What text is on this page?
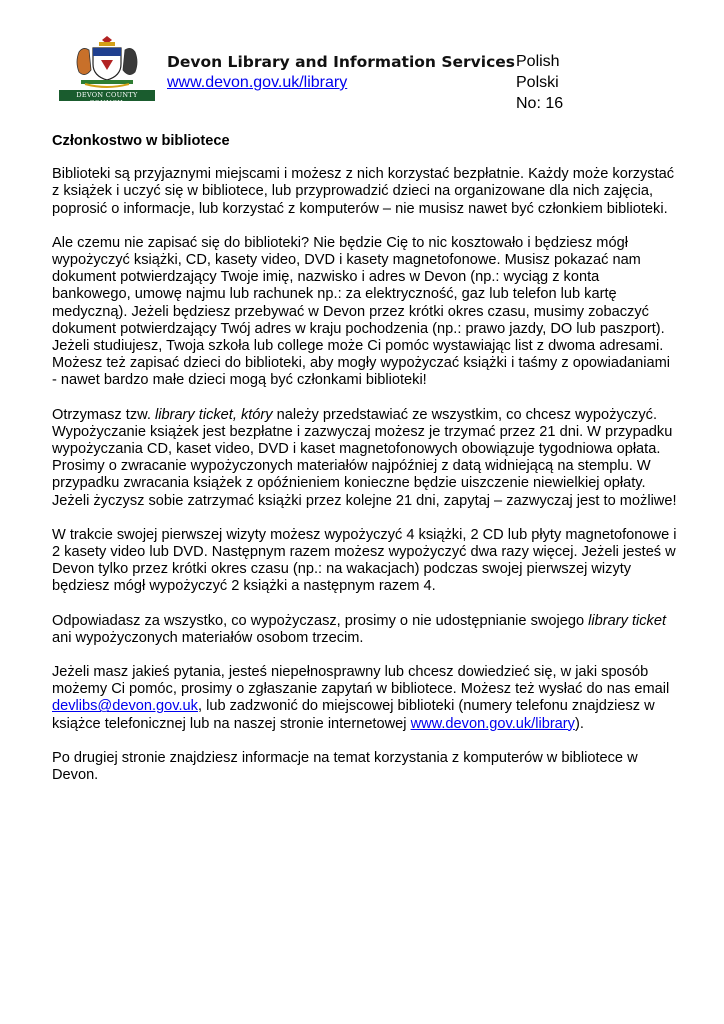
DEVON COUNTY COUNCIL
Devon Library and Information Services
www.devon.gov.uk/library
Polish
Polski
No: 16
Członkostwo w bibliotece

Biblioteki są przyjaznymi miejscami i możesz z nich korzystać bezpłatnie. Każdy może korzystać z książek i uczyć się w bibliotece, lub przyprowadzić dzieci na organizowane dla nich zajęcia, poprosić o informacje, lub korzystać z komputerów – nie musisz nawet być członkiem biblioteki.

Ale czemu nie zapisać się do biblioteki? Nie będzie Cię to nic kosztowało i będziesz mógł wypożyczyć książki, CD, kasety video, DVD i kasety magnetofonowe. Musisz pokazać nam dokument potwierdzający Twoje imię, nazwisko i adres w Devon (np.: wyciąg z konta bankowego, umowę najmu lub rachunek np.: za elektryczność, gaz lub telefon lub kartę medyczną). Jeżeli będziesz przebywać w Devon przez krótki okres czasu, musimy zobaczyć dokument potwierdzający Twój adres w kraju pochodzenia (np.: prawo jazdy, DO lub paszport). Jeżeli studiujesz, Twoja szkoła lub college może Ci pomóc wystawiając list z dwoma adresami. Możesz też zapisać dzieci do biblioteki, aby mogły wypożyczać książki i taśmy z opowiadaniami - nawet bardzo małe dzieci mogą być członkami biblioteki!

Otrzymasz tzw. library ticket, który należy przedstawiać ze wszystkim, co chcesz wypożyczyć. Wypożyczanie książek jest bezpłatne i zazwyczaj możesz je trzymać przez 21 dni. W przypadku wypożyczania CD, kaset video, DVD i kaset magnetofonowych obowiązuje tygodniowa opłata. Prosimy o zwracanie wypożyczonych materiałów najpóźniej z datą widniejącą na stemplu. W przypadku zwracania książek z opóźnieniem konieczne będzie uiszczenie niewielkiej opłaty. Jeżeli życzysz sobie zatrzymać książki przez kolejne 21 dni, zapytaj – zazwyczaj jest to możliwe!

W trakcie swojej pierwszej wizyty możesz wypożyczyć 4 książki, 2 CD lub płyty magnetofonowe i 2 kasety video lub DVD. Następnym razem możesz wypożyczyć dwa razy więcej. Jeżeli jesteś w Devon tylko przez krótki okres czasu (np.: na wakacjach) podczas swojej pierwszej wizyty będziesz mógł wypożyczyć 2 książki a następnym razem 4.

Odpowiadasz za wszystko, co wypożyczasz, prosimy o nie udostępnianie swojego library ticket ani wypożyczonych materiałów osobom trzecim.

Jeżeli masz jakieś pytania, jesteś niepełnosprawny lub chcesz dowiedzieć się, w jaki sposób możemy Ci pomóc, prosimy o zgłaszanie zapytań w bibliotece. Możesz też wysłać do nas email devlibs@devon.gov.uk, lub zadzwonić do miejscowej biblioteki (numery telefonu znajdziesz w książce telefonicznej lub na naszej stronie internetowej www.devon.gov.uk/library).

Po drugiej stronie znajdziesz informacje na temat korzystania z komputerów w bibliotece w Devon.
